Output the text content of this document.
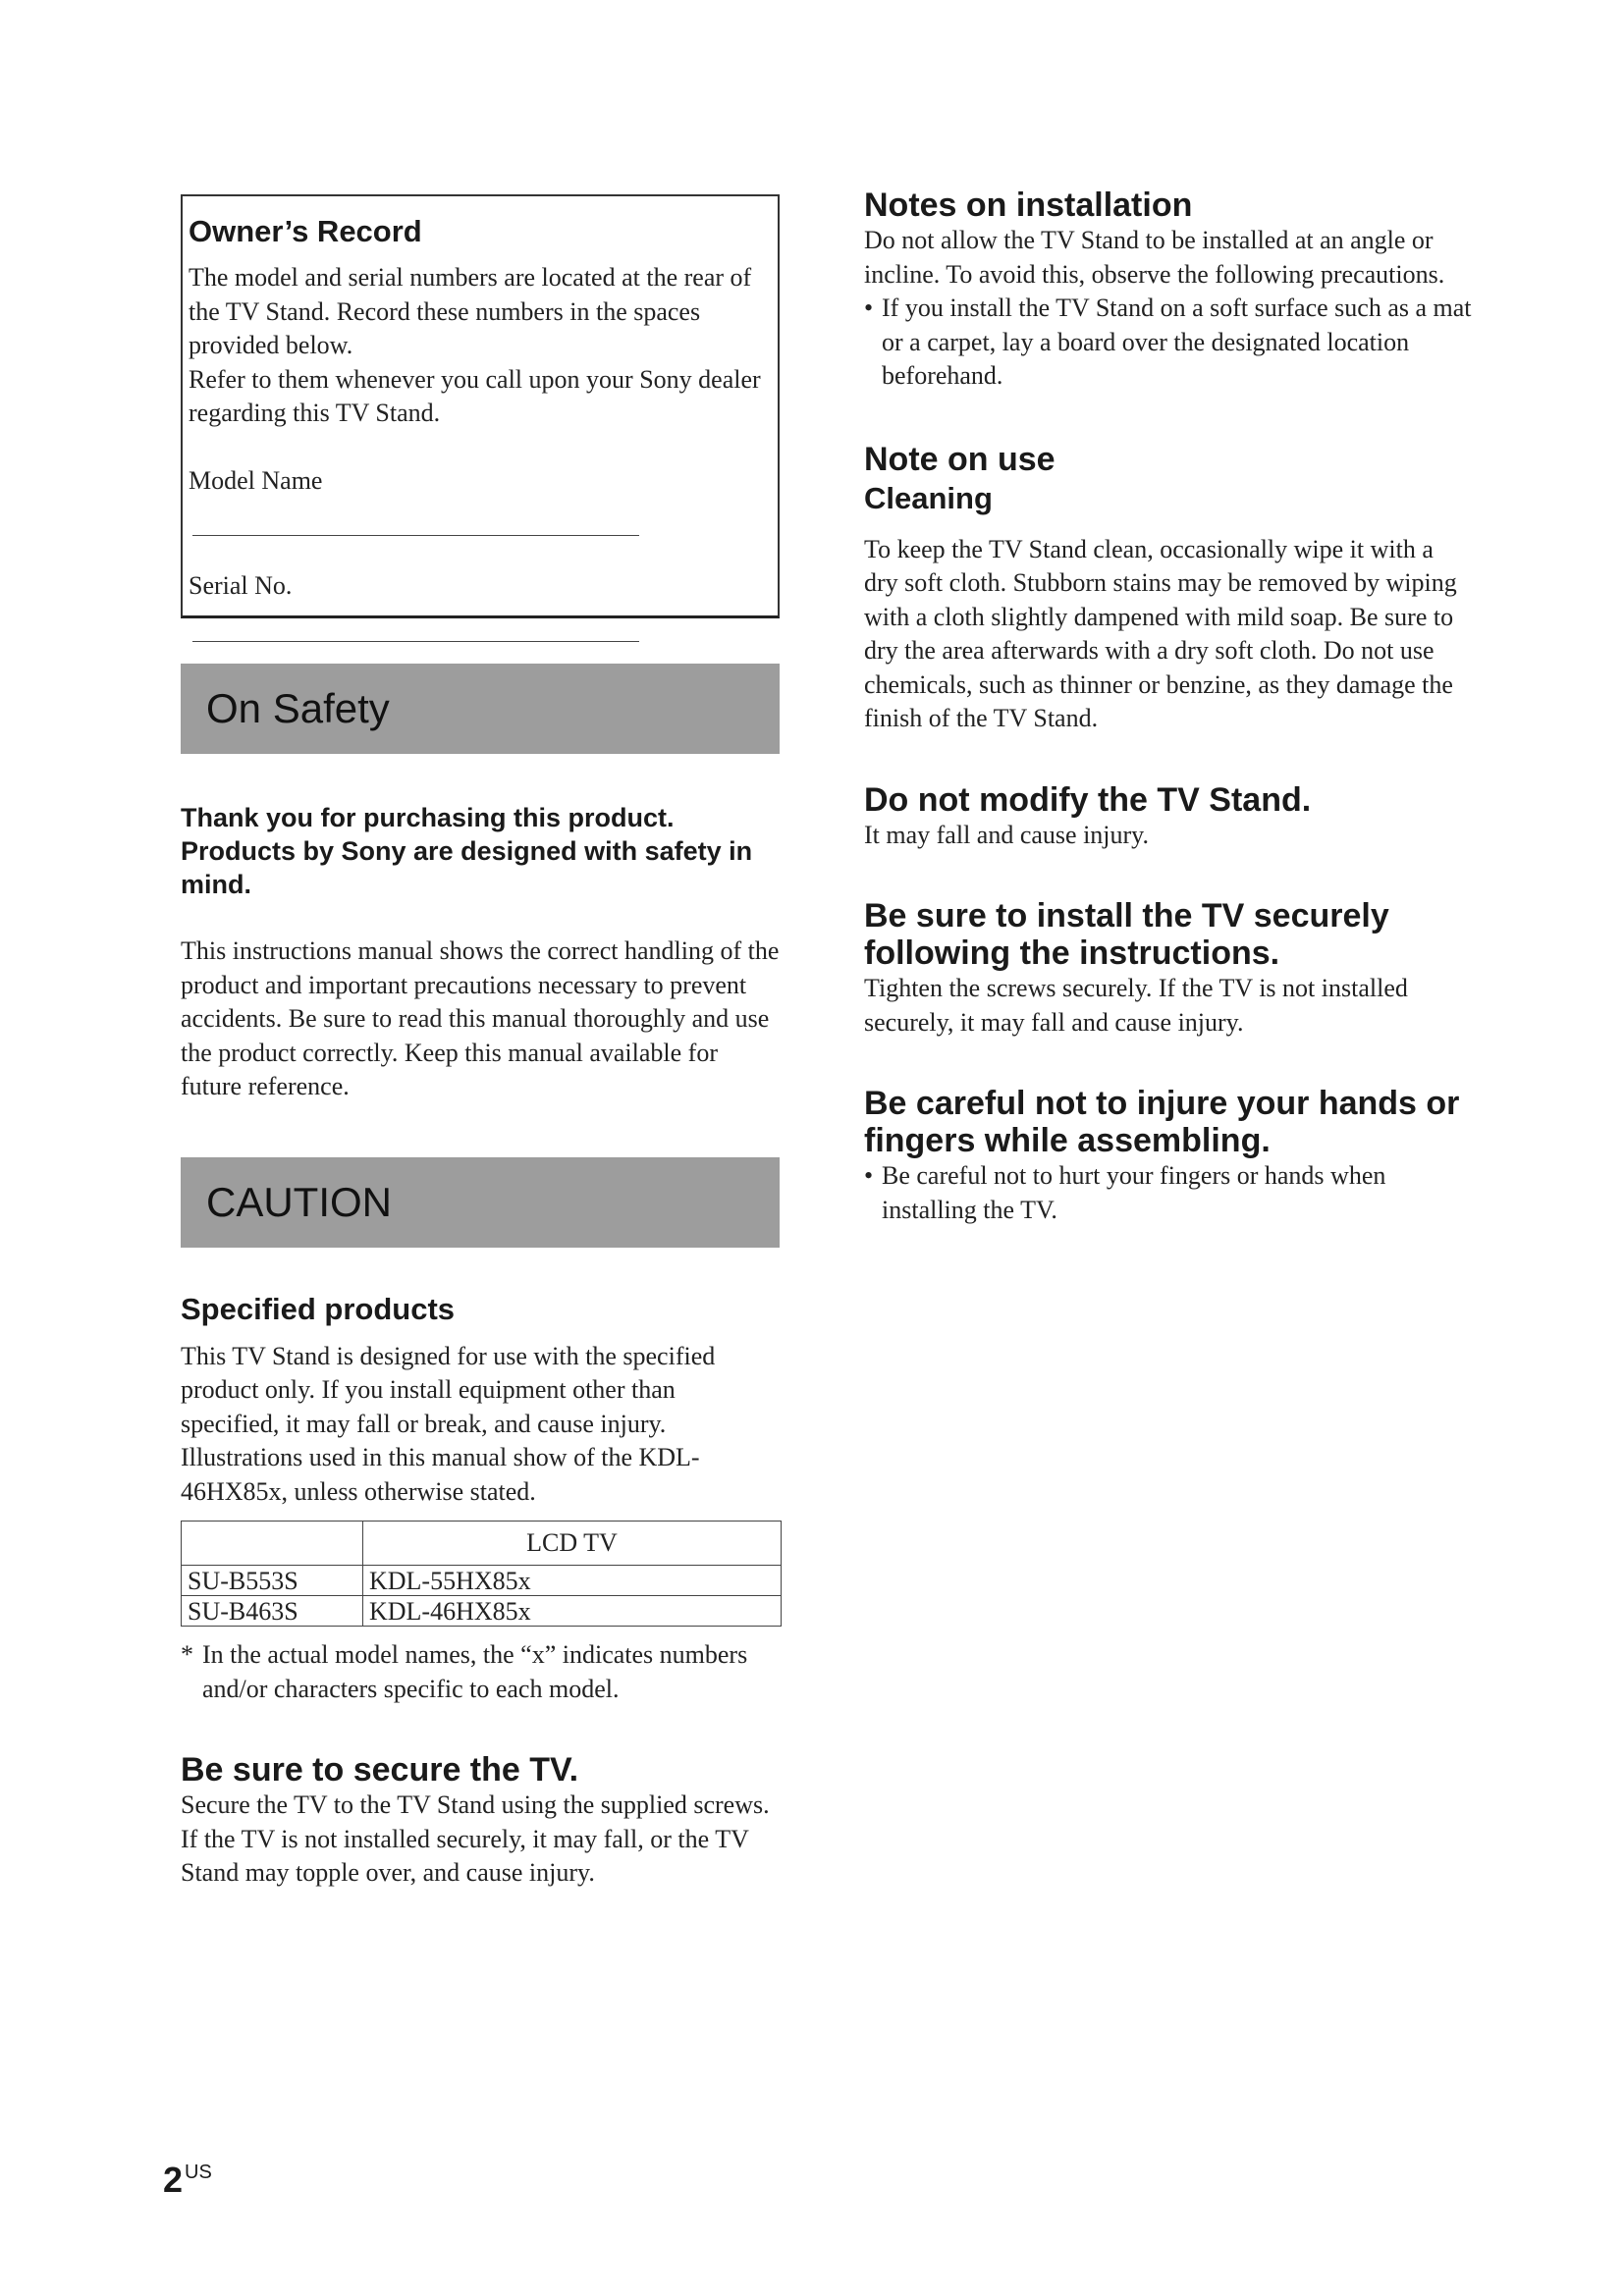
Owner’s Record

The model and serial numbers are located at the rear of the TV Stand. Record these numbers in the spaces provided below.

Refer to them whenever you call upon your Sony dealer regarding this TV Stand.

Model Name

Serial No.

On Safety

Thank you for purchasing this product. Products by Sony are designed with safety in mind.

This instructions manual shows the correct handling of the product and important precautions necessary to prevent accidents. Be sure to read this manual thoroughly and use the product correctly. Keep this manual available for future reference.

CAUTION
Specified products

This TV Stand is designed for use with the specified product only. If you install equipment other than specified, it may fall or break, and cause injury. Illustrations used in this manual show of the KDL-46HX85x, unless otherwise stated.

	LCD TV
SU-B553S	KDL-55HX85x
SU-B463S	KDL-46HX85x
* In the actual model names, the “x” indicates numbers and/or characters specific to each model.
Be sure to secure the TV.

Secure the TV to the TV Stand using the supplied screws. If the TV is not installed securely, it may fall, or the TV Stand may topple over, and cause injury.

Notes on installation

Do not allow the TV Stand to be installed at an angle or incline. To avoid this, observe the following precautions.

• If you install the TV Stand on a soft surface such as a mat or a carpet, lay a board over the designated location beforehand.
Note on use
Cleaning

To keep the TV Stand clean, occasionally wipe it with a dry soft cloth. Stubborn stains may be removed by wiping with a cloth slightly dampened with mild soap. Be sure to dry the area afterwards with a dry soft cloth. Do not use chemicals, such as thinner or benzine, as they damage the finish of the TV Stand.

Do not modify the TV Stand.

It may fall and cause injury.

Be sure to install the TV securely following the instructions.

Tighten the screws securely. If the TV is not installed securely, it may fall and cause injury.

Be careful not to injure your hands or fingers while assembling.
• Be careful not to hurt your fingers or hands when installing the TV.
2 US
